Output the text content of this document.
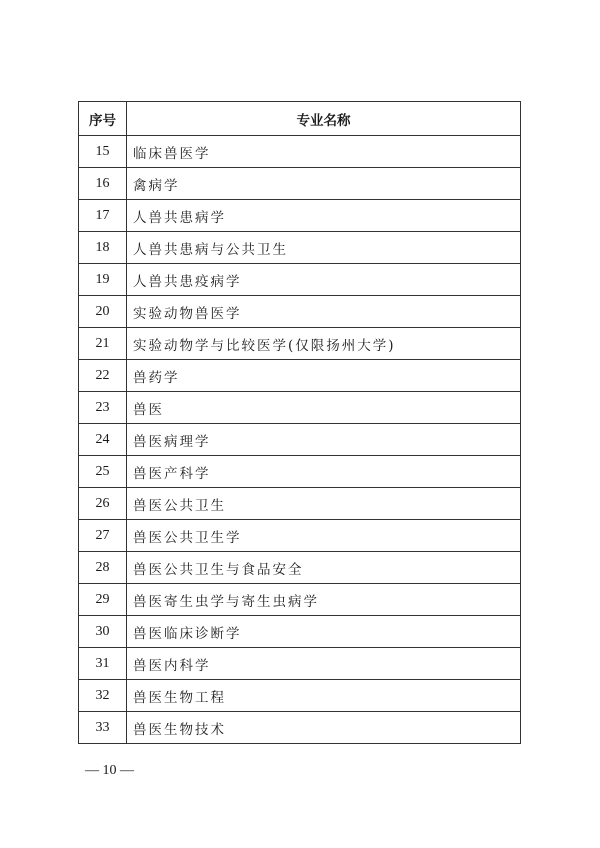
序号	专业名称
15	临床兽医学
16	禽病学
17	人兽共患病学
18	人兽共患病与公共卫生
19	人兽共患疫病学
20	实验动物兽医学
21	实验动物学与比较医学(仅限扬州大学)
22	兽药学
23	兽医
24	兽医病理学
25	兽医产科学
26	兽医公共卫生
27	兽医公共卫生学
28	兽医公共卫生与食品安全
29	兽医寄生虫学与寄生虫病学
30	兽医临床诊断学
31	兽医内科学
32	兽医生物工程
33	兽医生物技术
— 10 —
